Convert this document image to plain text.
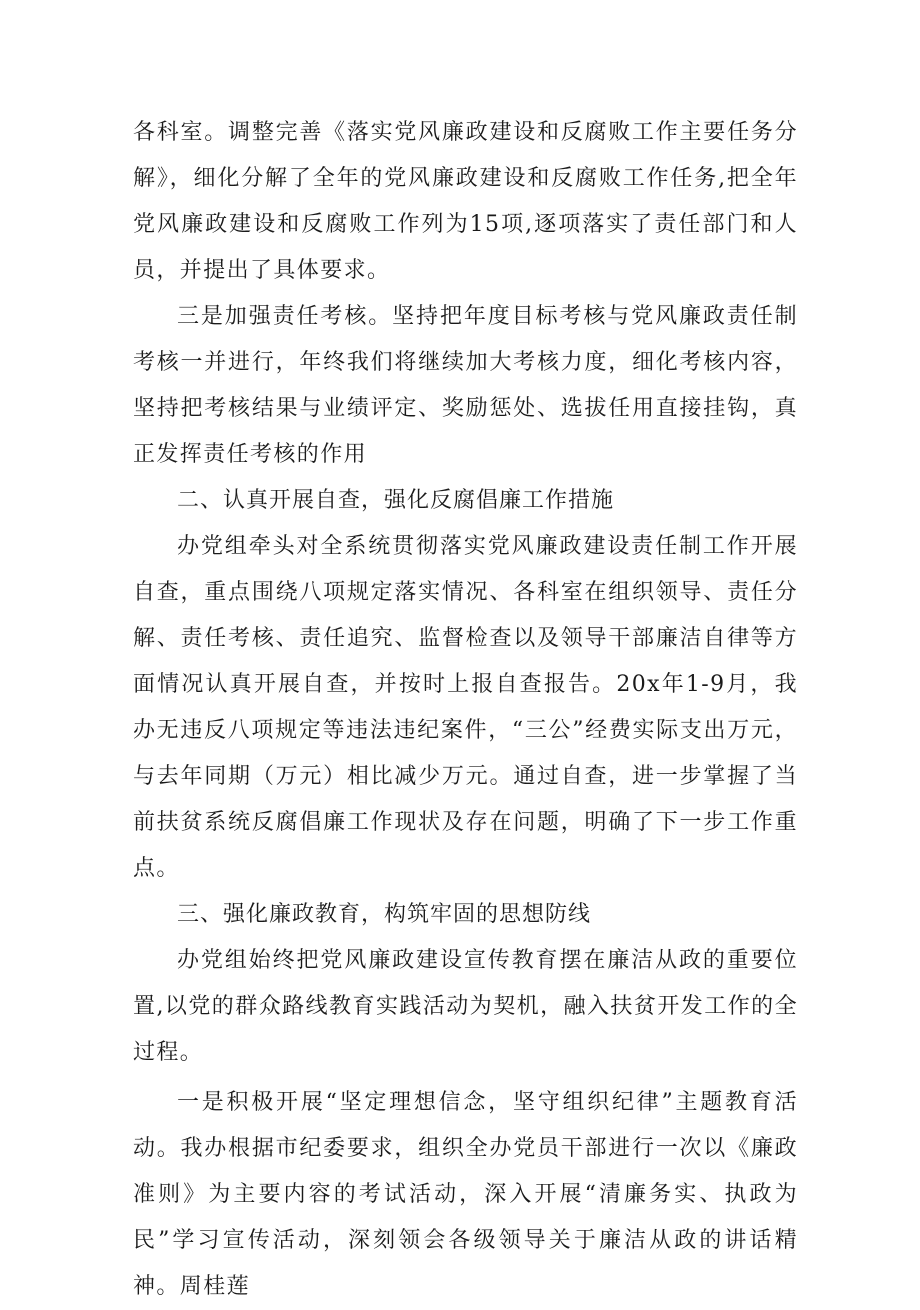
各科室。调整完善《落实党风廉政建设和反腐败工作主要任务分解》，细化分解了全年的党风廉政建设和反腐败工作任务,把全年党风廉政建设和反腐败工作列为15项,逐项落实了责任部门和人员，并提出了具体要求。

三是加强责任考核。坚持把年度目标考核与党风廉政责任制考核一并进行，年终我们将继续加大考核力度，细化考核内容，坚持把考核结果与业绩评定、奖励惩处、选拔任用直接挂钩，真正发挥责任考核的作用

二、认真开展自查，强化反腐倡廉工作措施

办党组牵头对全系统贯彻落实党风廉政建设责任制工作开展自查，重点围绕八项规定落实情况、各科室在组织领导、责任分解、责任考核、责任追究、监督检查以及领导干部廉洁自律等方面情况认真开展自查，并按时上报自查报告。20x年1-9月，我办无违反八项规定等违法违纪案件，“三公”经费实际支出万元，与去年同期（万元）相比减少万元。通过自查，进一步掌握了当前扶贫系统反腐倡廉工作现状及存在问题，明确了下一步工作重点。

三、强化廉政教育，构筑牢固的思想防线

办党组始终把党风廉政建设宣传教育摆在廉洁从政的重要位置,以党的群众路线教育实践活动为契机，融入扶贫开发工作的全过程。

一是积极开展“坚定理想信念，坚守组织纪律”主题教育活动。我办根据市纪委要求，组织全办党员干部进行一次以《廉政准则》为主要内容的考试活动，深入开展“清廉务实、执政为民”学习宣传活动，深刻领会各级领导关于廉洁从政的讲话精神。周桂莲
